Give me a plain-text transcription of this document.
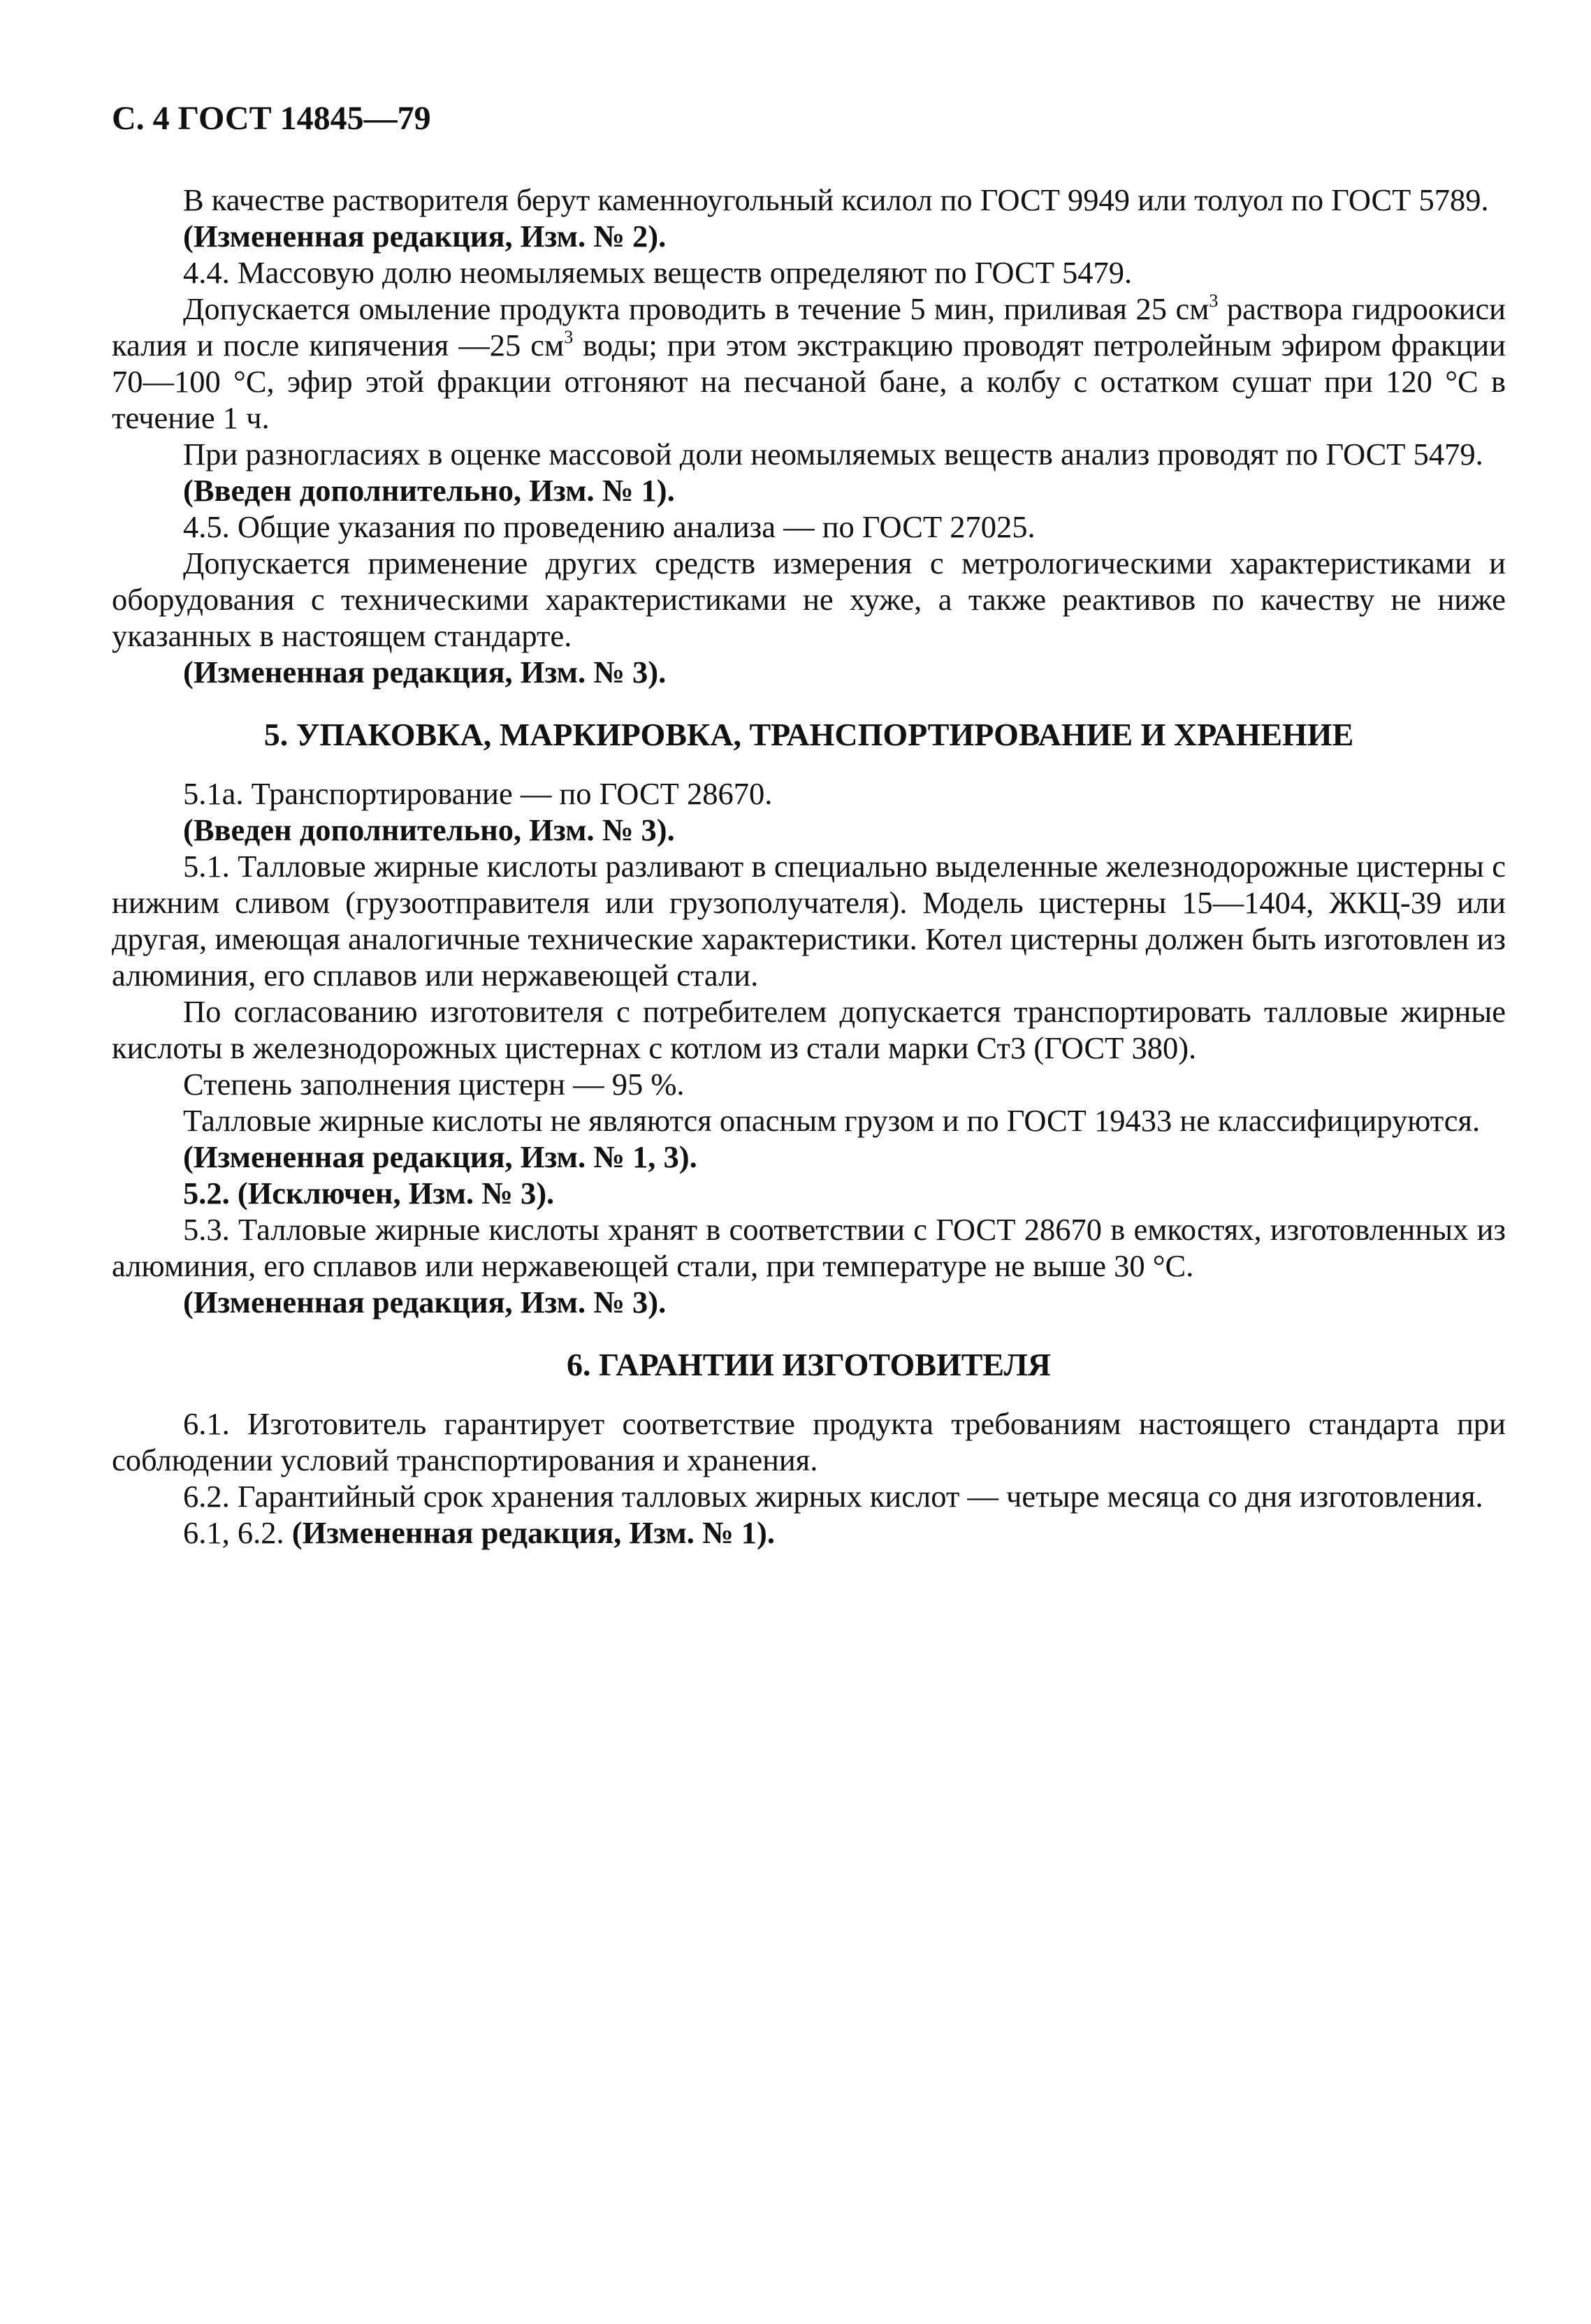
С. 4 ГОСТ 14845—79

В качестве растворителя берут каменноугольный ксилол по ГОСТ 9949 или толуол по ГОСТ 5789.

(Измененная редакция, Изм. № 2).

4.4. Массовую долю неомыляемых веществ определяют по ГОСТ 5479.

Допускается омыление продукта проводить в течение 5 мин, приливая 25 $см^3$ раствора гидроокиси калия и после кипячения —25 $см^3$ воды; при этом экстракцию проводят петролейным эфиром фракции 70—100 °С, эфир этой фракции отгоняют на песчаной бане, а колбу с остатком сушат при 120 °С в течение 1 ч.

При разногласиях в оценке массовой доли неомыляемых веществ анализ проводят по ГОСТ 5479.

(Введен дополнительно, Изм. № 1).

4.5. Общие указания по проведению анализа — по ГОСТ 27025.

Допускается применение других средств измерения с метрологическими характеристиками и оборудования с техническими характеристиками не хуже, а также реактивов по качеству не ниже указанных в настоящем стандарте.

(Измененная редакция, Изм. № 3).

5. УПАКОВКА, МАРКИРОВКА, ТРАНСПОРТИРОВАНИЕ И ХРАНЕНИЕ

5.1а. Транспортирование — по ГОСТ 28670.

(Введен дополнительно, Изм. № 3).

5.1. Талловые жирные кислоты разливают в специально выделенные железнодорожные цистерны с нижним сливом (грузоотправителя или грузополучателя). Модель цистерны 15—1404, ЖКЦ-39 или другая, имеющая аналогичные технические характеристики. Котел цистерны должен быть изготовлен из алюминия, его сплавов или нержавеющей стали.

По согласованию изготовителя с потребителем допускается транспортировать талловые жирные кислоты в железнодорожных цистернах с котлом из стали марки Ст3 (ГОСТ 380).

Степень заполнения цистерн — 95 %.

Талловые жирные кислоты не являются опасным грузом и по ГОСТ 19433 не классифицируются.

(Измененная редакция, Изм. № 1, 3).

5.2. (Исключен, Изм. № 3).

5.3. Талловые жирные кислоты хранят в соответствии с ГОСТ 28670 в емкостях, изготовленных из алюминия, его сплавов или нержавеющей стали, при температуре не выше 30 °С.

(Измененная редакция, Изм. № 3).

6. ГАРАНТИИ ИЗГОТОВИТЕЛЯ

6.1. Изготовитель гарантирует соответствие продукта требованиям настоящего стандарта при соблюдении условий транспортирования и хранения.

6.2. Гарантийный срок хранения талловых жирных кислот — четыре месяца со дня изготовления.

6.1, 6.2. (Измененная редакция, Изм. № 1).
